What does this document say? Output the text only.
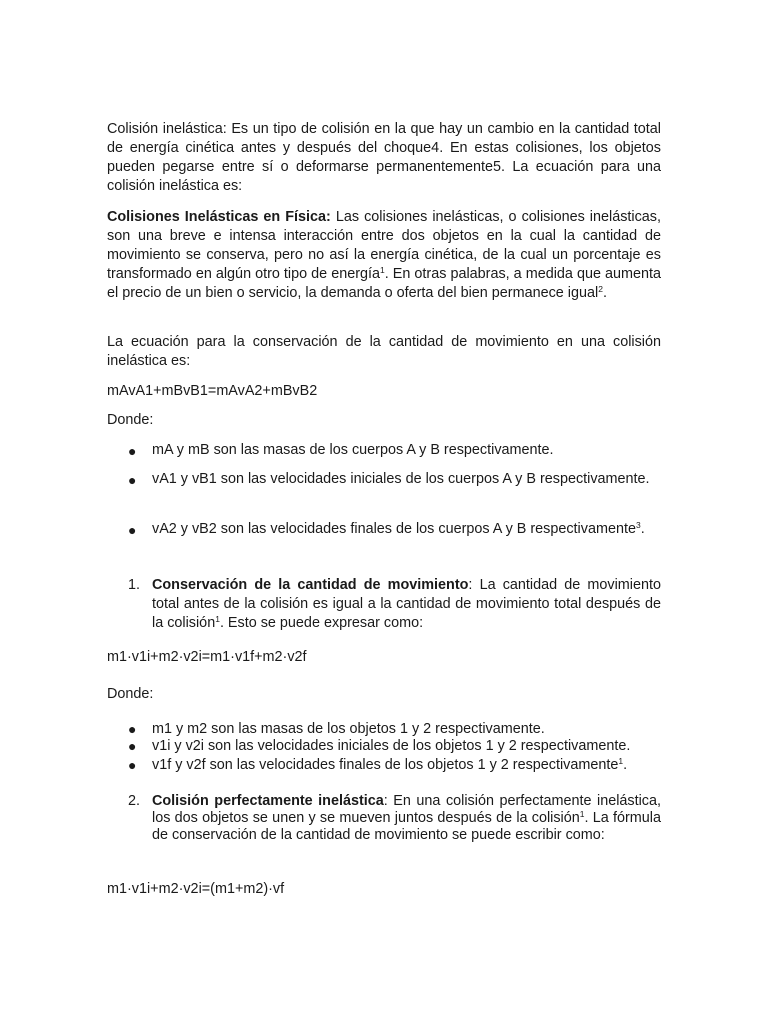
Colisión inelástica: Es un tipo de colisión en la que hay un cambio en la cantidad total de energía cinética antes y después del choque4. En estas colisiones, los objetos pueden pegarse entre sí o deformarse permanentemente5. La ecuación para una colisión inelástica es:

Colisiones Inelásticas en Física: Las colisiones inelásticas, o colisiones inelásticas, son una breve e intensa interacción entre dos objetos en la cual la cantidad de movimiento se conserva, pero no así la energía cinética, de la cual un porcentaje es transformado en algún otro tipo de energía$^1$. En otras palabras, a medida que aumenta el precio de un bien o servicio, la demanda o oferta del bien permanece igual$^2$.

La ecuación para la conservación de la cantidad de movimiento en una colisión inelástica es:

mAvA1+mBvB1=mAvA2+mBvB2

Donde:

● mA y mB son las masas de los cuerpos A y B respectivamente.

● vA1 y vB1 son las velocidades iniciales de los cuerpos A y B respectivamente.

● vA2 y vB2 son las velocidades finales de los cuerpos A y B respectivamente$^3$.

1. Conservación de la cantidad de movimiento: La cantidad de movimiento total antes de la colisión es igual a la cantidad de movimiento total después de la colisión$^1$. Esto se puede expresar como:

m1·v1i+m2·v2i=m1·v1f+m2·v2f

Donde:

● m1 y m2 son las masas de los objetos 1 y 2 respectivamente.

● v1i y v2i son las velocidades iniciales de los objetos 1 y 2 respectivamente.

● v1f y v2f son las velocidades finales de los objetos 1 y 2 respectivamente$^1$.

2. Colisión perfectamente inelástica: En una colisión perfectamente inelástica, los dos objetos se unen y se mueven juntos después de la colisión$^1$. La fórmula de conservación de la cantidad de movimiento se puede escribir como:

m1·v1i+m2·v2i=(m1+m2)·vf
